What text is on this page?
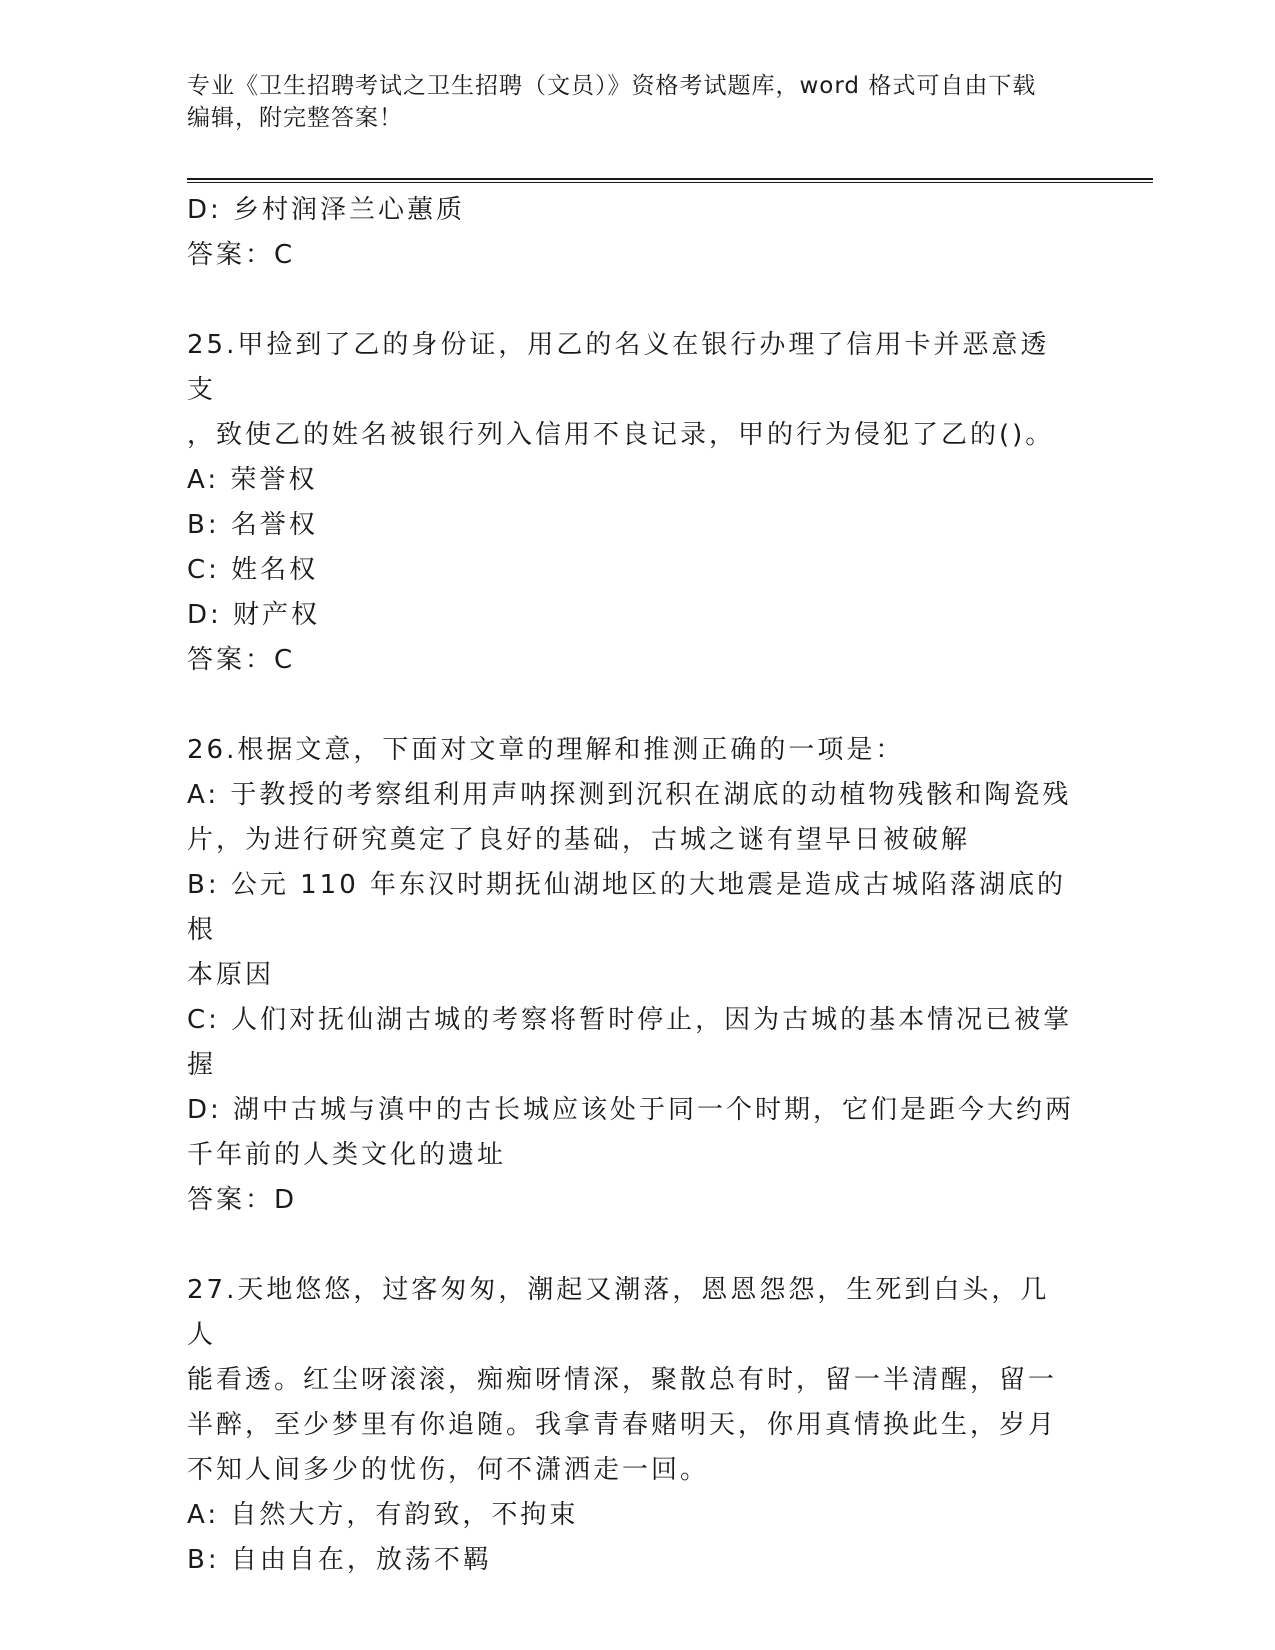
专业《卫生招聘考试之卫生招聘（文员）》资格考试题库，word 格式可自由下载
编辑，附完整答案！

D: 乡村润泽兰心蕙质

答案：C

25.甲捡到了乙的身份证，用乙的名义在银行办理了信用卡并恶意透支

，致使乙的姓名被银行列入信用不良记录，甲的行为侵犯了乙的()。

A: 荣誉权

B: 名誉权

C: 姓名权

D: 财产权

答案：C

26.根据文意，下面对文章的理解和推测正确的一项是：

A: 于教授的考察组利用声呐探测到沉积在湖底的动植物残骸和陶瓷残

片，为进行研究奠定了良好的基础，古城之谜有望早日被破解

B: 公元 110 年东汉时期抚仙湖地区的大地震是造成古城陷落湖底的根

本原因

C: 人们对抚仙湖古城的考察将暂时停止，因为古城的基本情况已被掌

握

D: 湖中古城与滇中的古长城应该处于同一个时期，它们是距今大约两

千年前的人类文化的遗址

答案：D

27.天地悠悠，过客匆匆，潮起又潮落，恩恩怨怨，生死到白头，几人

能看透。红尘呀滚滚，痴痴呀情深，聚散总有时，留一半清醒，留一

半醉，至少梦里有你追随。我拿青春赌明天，你用真情换此生，岁月

不知人间多少的忧伤，何不潇洒走一回。

A: 自然大方，有韵致，不拘束

B: 自由自在，放荡不羁
